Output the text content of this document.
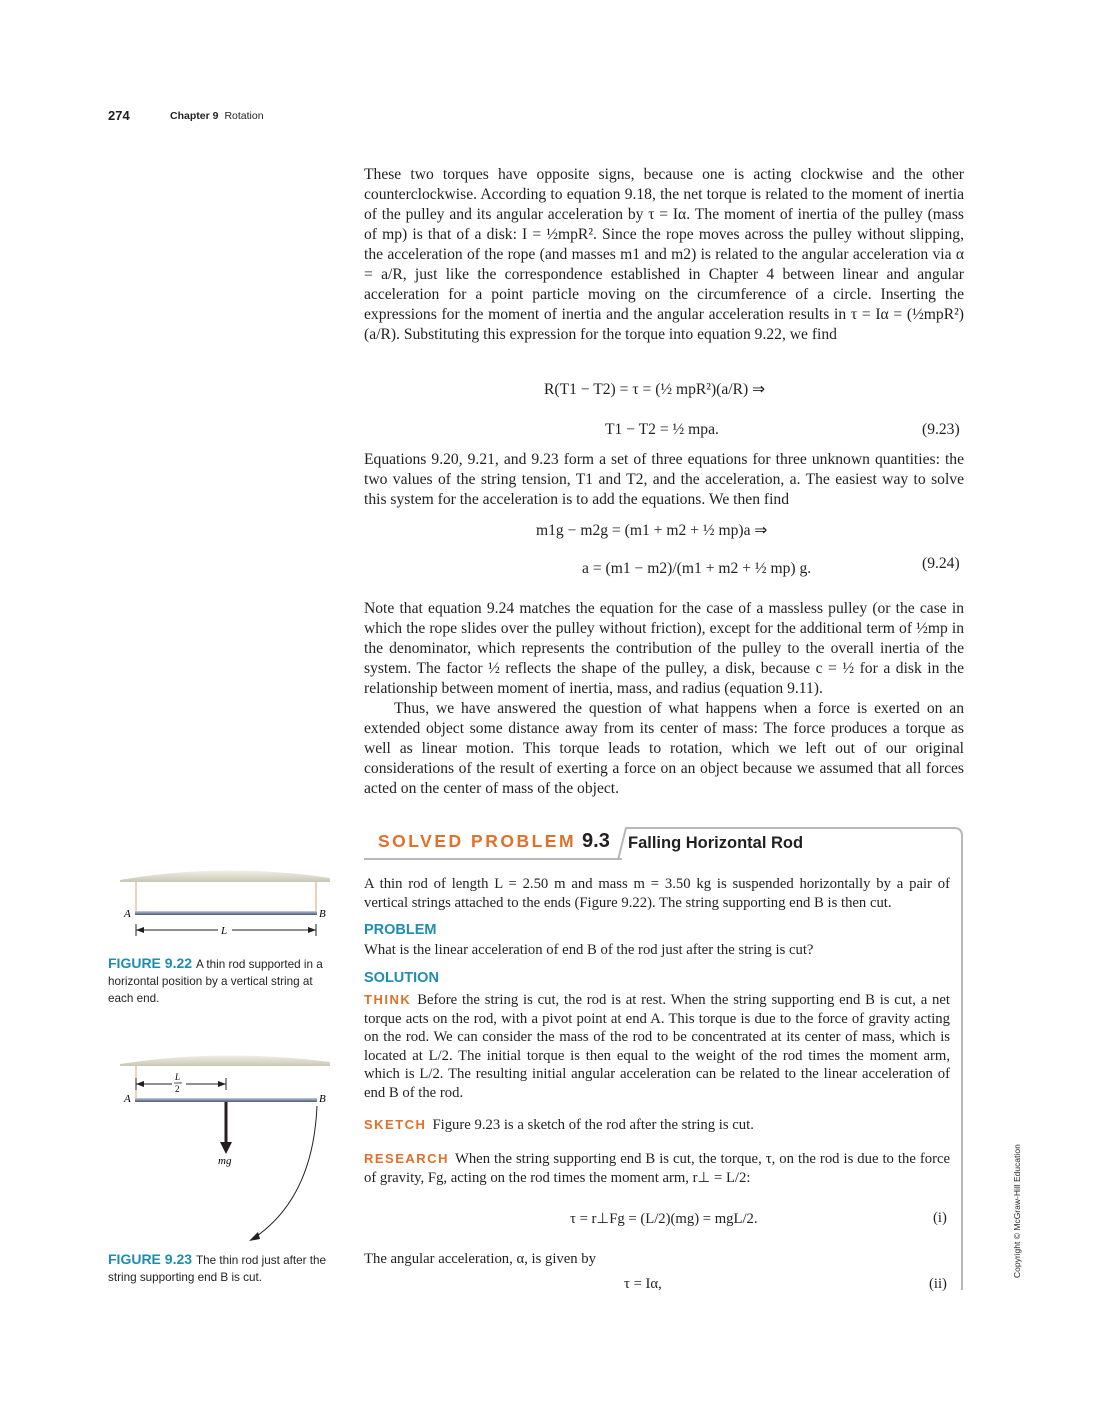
274	Chapter 9 Rotation

These two torques have opposite signs, because one is acting clockwise and the other counterclockwise. According to equation 9.18, the net torque is related to the moment of inertia of the pulley and its angular acceleration by τ = Iα. The moment of inertia of the pulley (mass of mp) is that of a disk: I = ½mpR². Since the rope moves across the pulley without slipping, the acceleration of the rope (and masses m1 and m2) is related to the angular acceleration via α = a/R, just like the correspondence established in Chapter 4 between linear and angular acceleration for a point particle moving on the circumference of a circle. Inserting the expressions for the moment of inertia and the angular acceleration results in τ = Iα = (½mpR²)(a/R). Substituting this expression for the torque into equation 9.22, we find

R(T1 − T2) = τ = (½ mpR²)(a/R) ⇒
T1 − T2 = ½ mpa.	(9.23)

Equations 9.20, 9.21, and 9.23 form a set of three equations for three unknown quantities: the two values of the string tension, T1 and T2, and the acceleration, a. The easiest way to solve this system for the acceleration is to add the equations. We then find

m1g − m2g = (m1 + m2 + ½ mp)a ⇒
a = (m1 − m2)/(m1 + m2 + ½ mp) g.	(9.24)

Note that equation 9.24 matches the equation for the case of a massless pulley (or the case in which the rope slides over the pulley without friction), except for the additional term of ½mp in the denominator, which represents the contribution of the pulley to the overall inertia of the system. The factor ½ reflects the shape of the pulley, a disk, because c = ½ for a disk in the relationship between moment of inertia, mass, and radius (equation 9.11).

Thus, we have answered the question of what happens when a force is exerted on an extended object some distance away from its center of mass: The force produces a torque as well as linear motion. This torque leads to rotation, which we left out of our original considerations of the result of exerting a force on an object because we assumed that all forces acted on the center of mass of the object.

SOLVED PROBLEM 9.3 Falling Horizontal Rod
A thin rod of length L = 2.50 m and mass m = 3.50 kg is suspended horizontally by a pair of vertical strings attached to the ends (Figure 9.22). The string supporting end B is then cut.
PROBLEM
What is the linear acceleration of end B of the rod just after the string is cut?
SOLUTION
THINK Before the string is cut, the rod is at rest. When the string supporting end B is cut, a net torque acts on the rod, with a pivot point at end A. This torque is due to the force of gravity acting on the rod. We can consider the mass of the rod to be concentrated at its center of mass, which is located at L/2. The initial torque is then equal to the weight of the rod times the moment arm, which is L/2. The resulting initial angular acceleration can be related to the linear acceleration of end B of the rod.
SKETCH Figure 9.23 is a sketch of the rod after the string is cut.
RESEARCH When the string supporting end B is cut, the torque, τ, on the rod is due to the force of gravity, Fg, acting on the rod times the moment arm, r⊥ = L/2:
τ = r⊥Fg = (L/2)(mg) = mgL/2.	(i)
The angular acceleration, α, is given by
τ = Iα,	(ii)
A	B
L
FIGURE 9.22 A thin rod supported in a horizontal position by a vertical string at each end.
L
2
A	B
mg
FIGURE 9.23 The thin rod just after the string supporting end B is cut.	Copyright © McGraw-Hill Education
